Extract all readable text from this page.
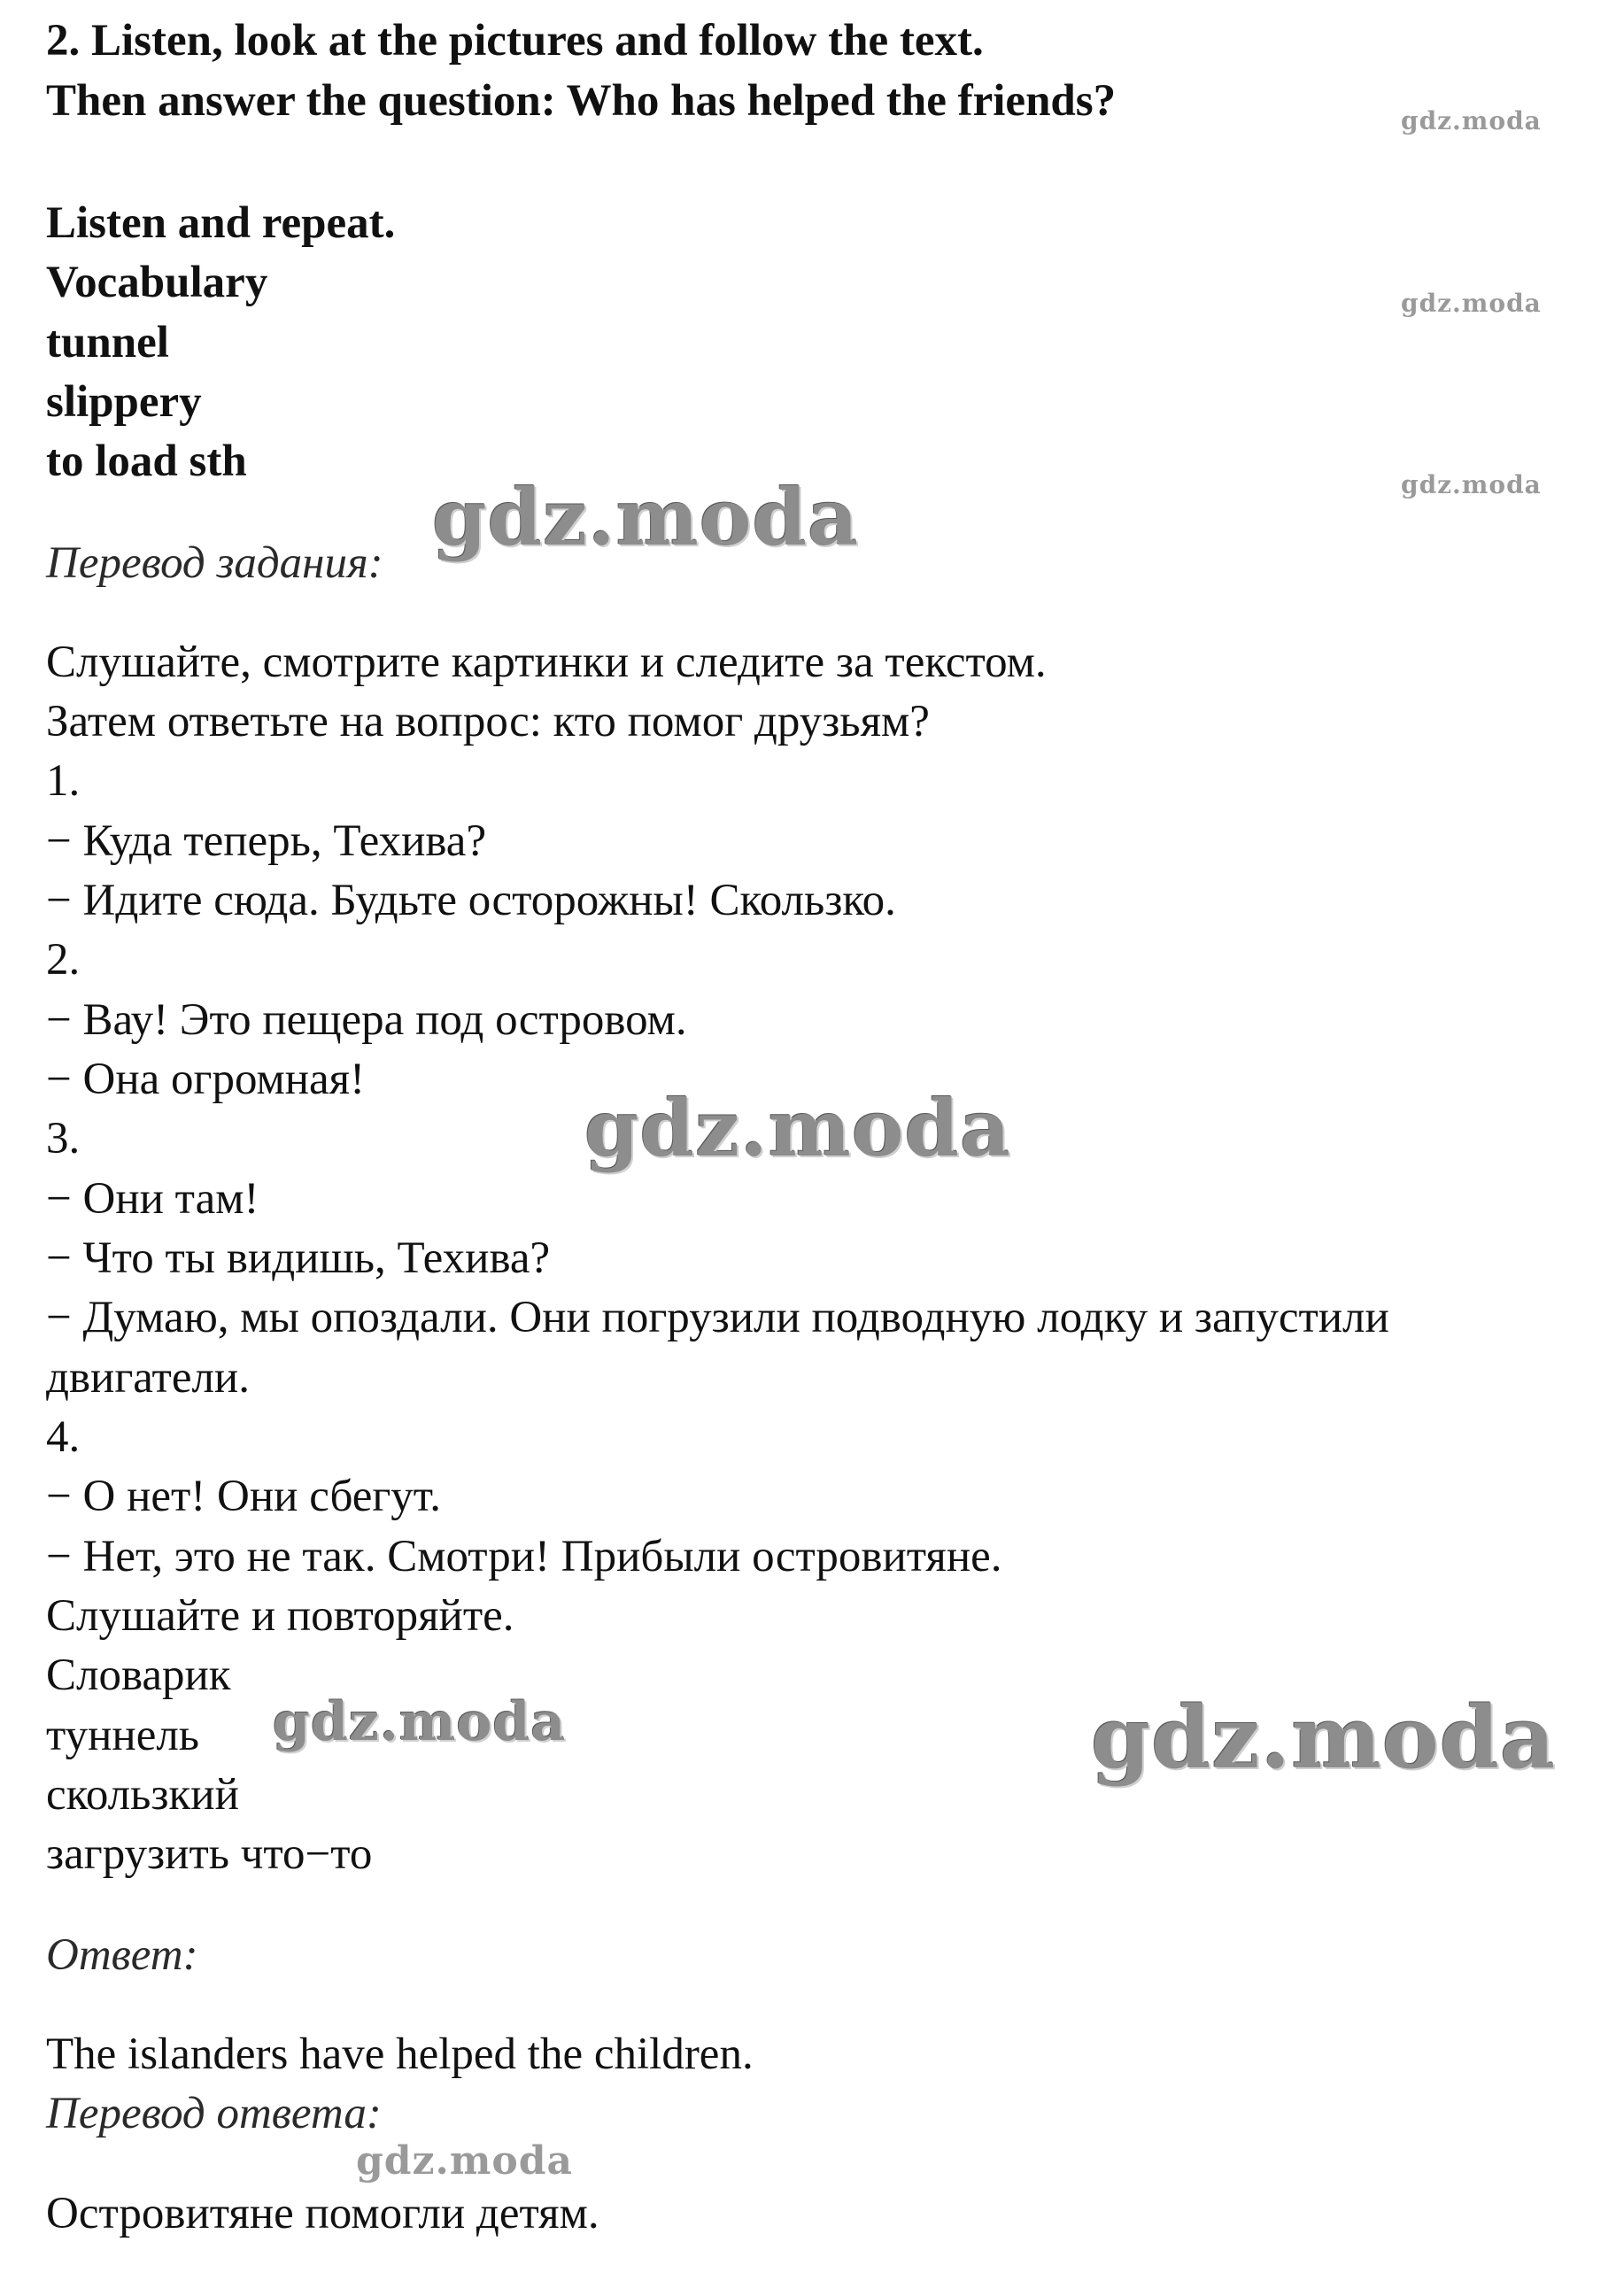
2. Listen, look at the pictures and follow the text.
Then answer the question: Who has helped the friends?
Listen and repeat.
Vocabulary
tunnel
slippery
to load sth
Перевод задания:
Слушайте, смотрите картинки и следите за текстом.
Затем ответьте на вопрос: кто помог друзьям?
1.
− Куда теперь, Техива?
− Идите сюда. Будьте осторожны! Скользко.
2.
− Вау! Это пещера под островом.
− Она огромная!
3.
− Они там!
− Что ты видишь, Техива?
− Думаю, мы опоздали. Они погрузили подводную лодку и запустили
двигатели.
4.
− О нет! Они сбегут.
− Нет, это не так. Смотри! Прибыли островитяне.
Слушайте и повторяйте.
Словарик
туннель
скользкий
загрузить что−то
Ответ:
The islanders have helped the children.
Перевод ответа:
Островитяне помогли детям.
gdz.moda
gdz.moda
gdz.moda
gdz.moda
gdz.moda
gdz.moda	gdz.moda
gdz.moda
